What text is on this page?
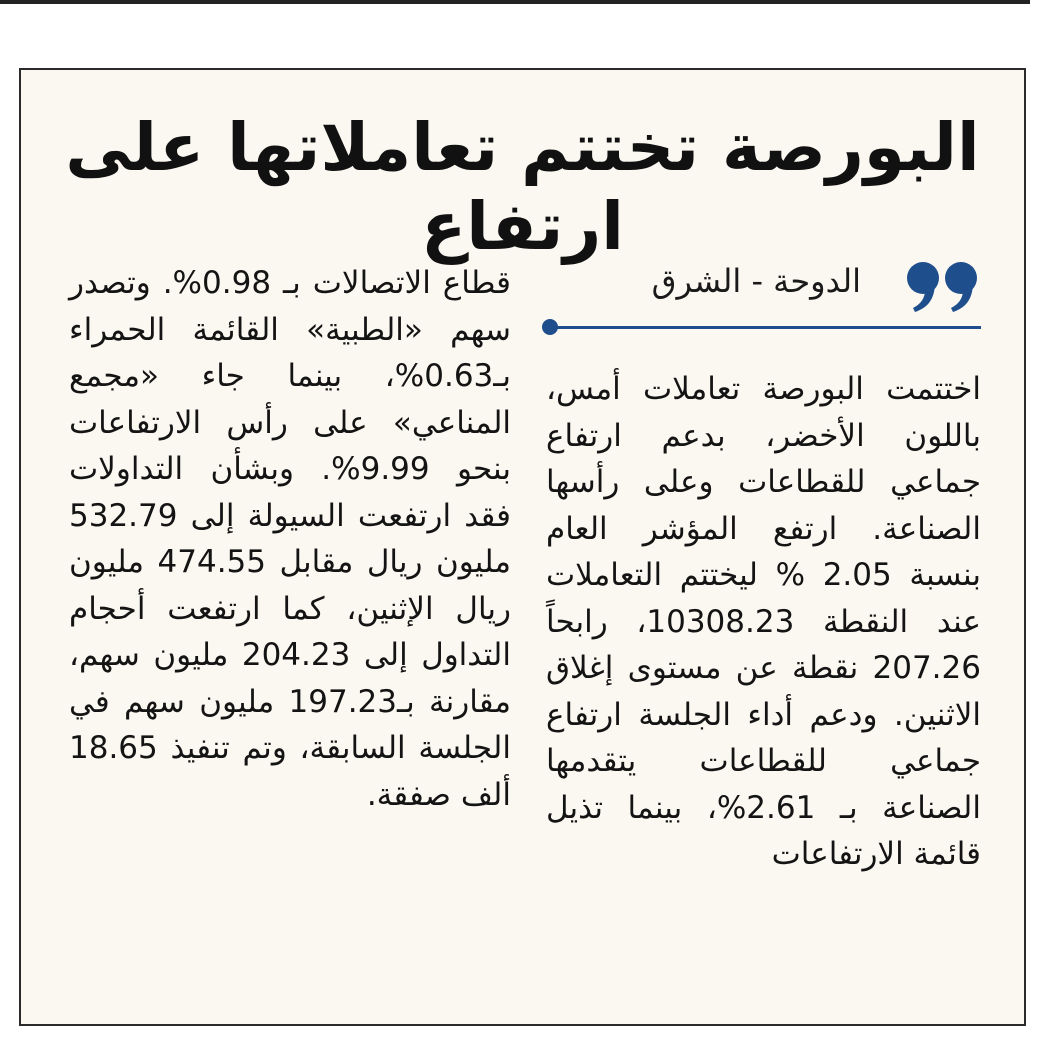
البورصة تختتم تعاملاتها على ارتفاع
الدوحة - الشرق
اختتمت البورصة تعاملات أمس، باللون الأخضر، بدعم ارتفاع جماعي للقطاعات وعلى رأسها الصناعة. ارتفع المؤشر العام بنسبة 2.05 % ليختتم التعاملات عند النقطة 10308.23، رابحاً 207.26 نقطة عن مستوى إغلاق الاثنين. ودعم أداء الجلسة ارتفاع جماعي للقطاعات يتقدمها الصناعة بـ 2.61%، بينما تذيل قائمة الارتفاعات
قطاع الاتصالات بـ 0.98%. وتصدر سهم «الطبية» القائمة الحمراء بـ0.63%، بينما جاء «مجمع المناعي» على رأس الارتفاعات بنحو 9.99%. وبشأن التداولات فقد ارتفعت السيولة إلى 532.79 مليون ريال مقابل 474.55 مليون ريال الإثنين، كما ارتفعت أحجام التداول إلى 204.23 مليون سهم، مقارنة بـ197.23 مليون سهم في الجلسة السابقة، وتم تنفيذ 18.65 ألف صفقة.
